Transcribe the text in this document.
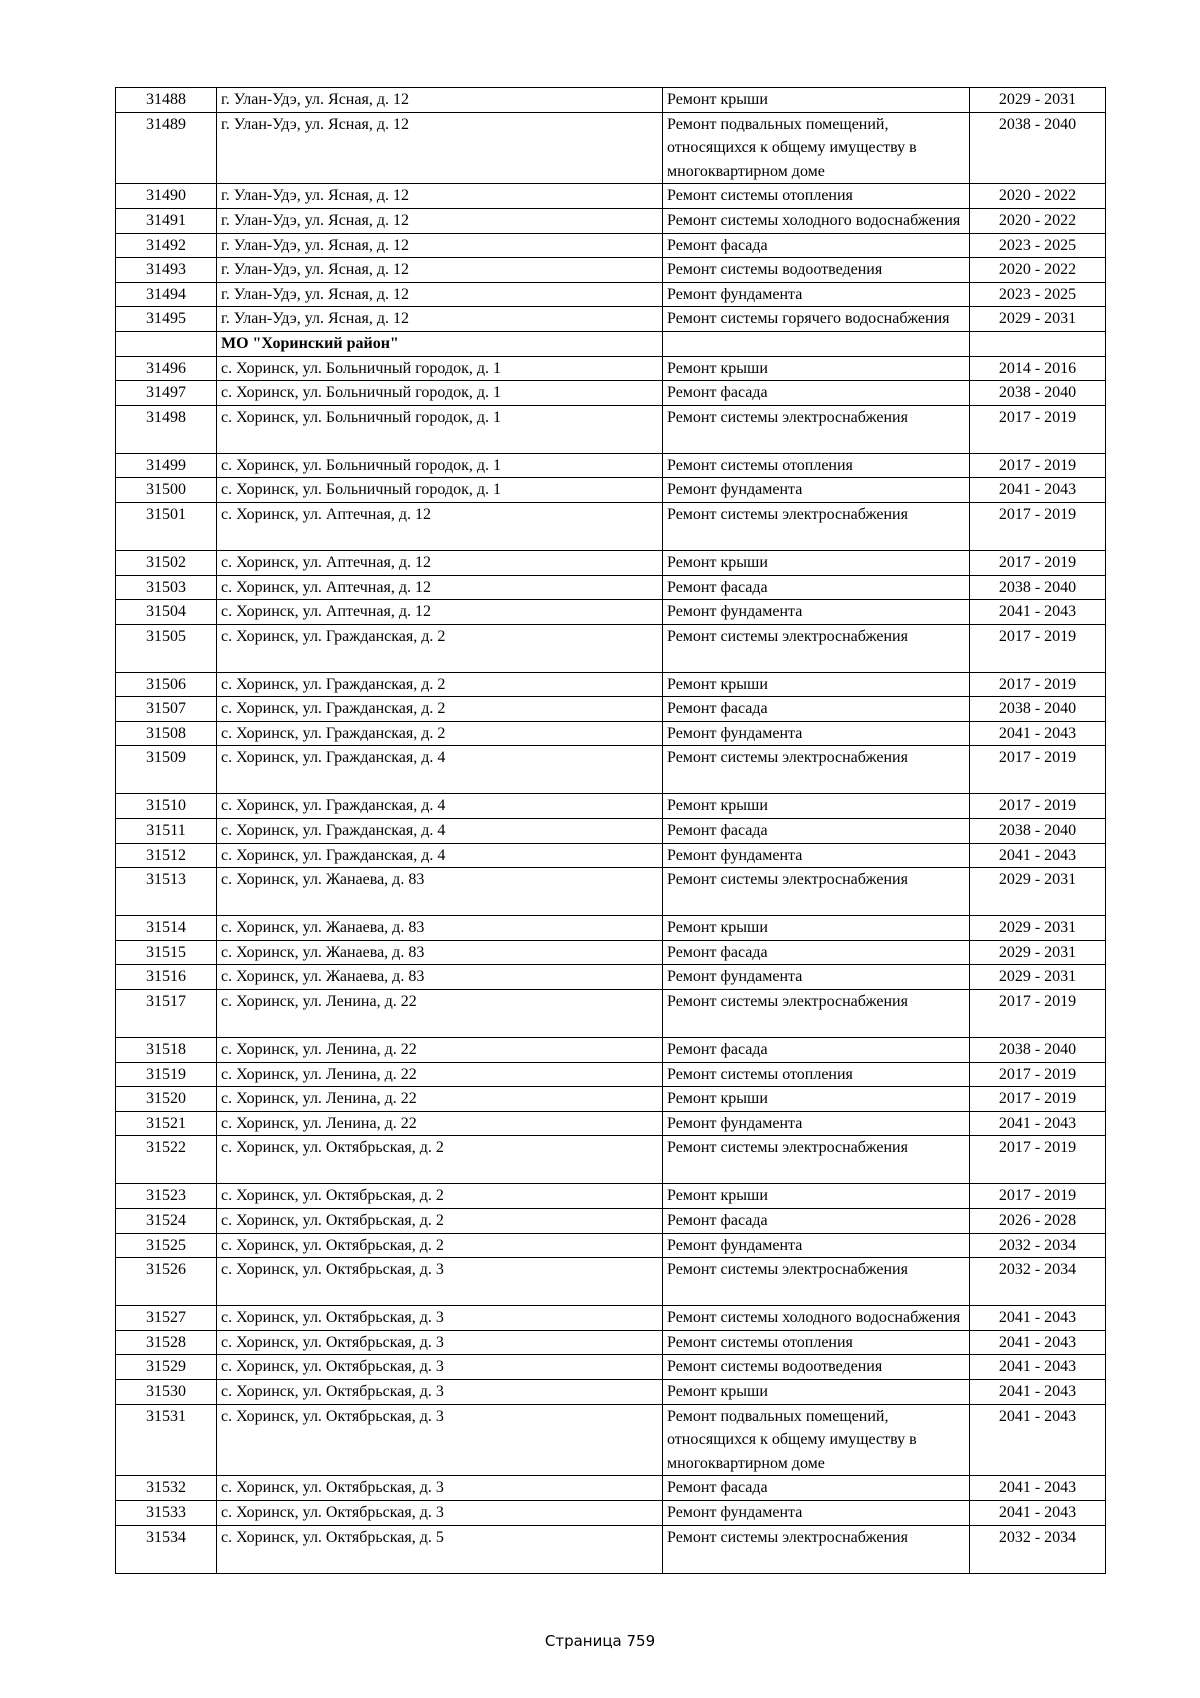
31488	г. Улан-Удэ, ул. Ясная, д. 12	Ремонт крыши	2029 - 2031
31489	г. Улан-Удэ, ул. Ясная, д. 12	Ремонт подвальных помещений, относящихся к общему имуществу в многоквартирном доме	2038 - 2040
31490	г. Улан-Удэ, ул. Ясная, д. 12	Ремонт системы отопления	2020 - 2022
31491	г. Улан-Удэ, ул. Ясная, д. 12	Ремонт системы холодного водоснабжения	2020 - 2022
31492	г. Улан-Удэ, ул. Ясная, д. 12	Ремонт фасада	2023 - 2025
31493	г. Улан-Удэ, ул. Ясная, д. 12	Ремонт системы водоотведения	2020 - 2022
31494	г. Улан-Удэ, ул. Ясная, д. 12	Ремонт фундамента	2023 - 2025
31495	г. Улан-Удэ, ул. Ясная, д. 12	Ремонт системы горячего водоснабжения	2029 - 2031
	МО "Хоринский район"		
31496	с. Хоринск, ул. Больничный городок, д. 1	Ремонт крыши	2014 - 2016
31497	с. Хоринск, ул. Больничный городок, д. 1	Ремонт фасада	2038 - 2040
31498	с. Хоринск, ул. Больничный городок, д. 1	Ремонт системы электроснабжения	2017 - 2019
31499	с. Хоринск, ул. Больничный городок, д. 1	Ремонт системы отопления	2017 - 2019
31500	с. Хоринск, ул. Больничный городок, д. 1	Ремонт фундамента	2041 - 2043
31501	с. Хоринск, ул. Аптечная, д. 12	Ремонт системы электроснабжения	2017 - 2019
31502	с. Хоринск, ул. Аптечная, д. 12	Ремонт крыши	2017 - 2019
31503	с. Хоринск, ул. Аптечная, д. 12	Ремонт фасада	2038 - 2040
31504	с. Хоринск, ул. Аптечная, д. 12	Ремонт фундамента	2041 - 2043
31505	с. Хоринск, ул. Гражданская, д. 2	Ремонт системы электроснабжения	2017 - 2019
31506	с. Хоринск, ул. Гражданская, д. 2	Ремонт крыши	2017 - 2019
31507	с. Хоринск, ул. Гражданская, д. 2	Ремонт фасада	2038 - 2040
31508	с. Хоринск, ул. Гражданская, д. 2	Ремонт фундамента	2041 - 2043
31509	с. Хоринск, ул. Гражданская, д. 4	Ремонт системы электроснабжения	2017 - 2019
31510	с. Хоринск, ул. Гражданская, д. 4	Ремонт крыши	2017 - 2019
31511	с. Хоринск, ул. Гражданская, д. 4	Ремонт фасада	2038 - 2040
31512	с. Хоринск, ул. Гражданская, д. 4	Ремонт фундамента	2041 - 2043
31513	с. Хоринск, ул. Жанаева, д. 83	Ремонт системы электроснабжения	2029 - 2031
31514	с. Хоринск, ул. Жанаева, д. 83	Ремонт крыши	2029 - 2031
31515	с. Хоринск, ул. Жанаева, д. 83	Ремонт фасада	2029 - 2031
31516	с. Хоринск, ул. Жанаева, д. 83	Ремонт фундамента	2029 - 2031
31517	с. Хоринск, ул. Ленина, д. 22	Ремонт системы электроснабжения	2017 - 2019
31518	с. Хоринск, ул. Ленина, д. 22	Ремонт фасада	2038 - 2040
31519	с. Хоринск, ул. Ленина, д. 22	Ремонт системы отопления	2017 - 2019
31520	с. Хоринск, ул. Ленина, д. 22	Ремонт крыши	2017 - 2019
31521	с. Хоринск, ул. Ленина, д. 22	Ремонт фундамента	2041 - 2043
31522	с. Хоринск, ул. Октябрьская, д. 2	Ремонт системы электроснабжения	2017 - 2019
31523	с. Хоринск, ул. Октябрьская, д. 2	Ремонт крыши	2017 - 2019
31524	с. Хоринск, ул. Октябрьская, д. 2	Ремонт фасада	2026 - 2028
31525	с. Хоринск, ул. Октябрьская, д. 2	Ремонт фундамента	2032 - 2034
31526	с. Хоринск, ул. Октябрьская, д. 3	Ремонт системы электроснабжения	2032 - 2034
31527	с. Хоринск, ул. Октябрьская, д. 3	Ремонт системы холодного водоснабжения	2041 - 2043
31528	с. Хоринск, ул. Октябрьская, д. 3	Ремонт системы отопления	2041 - 2043
31529	с. Хоринск, ул. Октябрьская, д. 3	Ремонт системы водоотведения	2041 - 2043
31530	с. Хоринск, ул. Октябрьская, д. 3	Ремонт крыши	2041 - 2043
31531	с. Хоринск, ул. Октябрьская, д. 3	Ремонт подвальных помещений, относящихся к общему имуществу в многоквартирном доме	2041 - 2043
31532	с. Хоринск, ул. Октябрьская, д. 3	Ремонт фасада	2041 - 2043
31533	с. Хоринск, ул. Октябрьская, д. 3	Ремонт фундамента	2041 - 2043
31534	с. Хоринск, ул. Октябрьская, д. 5	Ремонт системы электроснабжения	2032 - 2034
Страница 759
